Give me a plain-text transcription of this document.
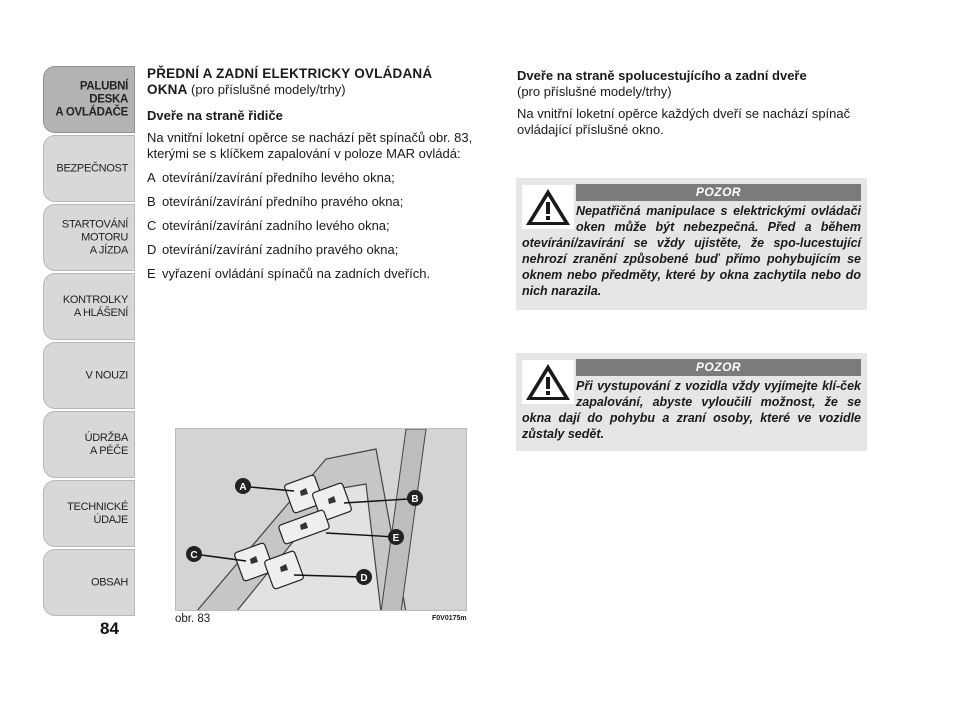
PALUBNÍ DESKA
A OVLÁDAČE
BEZPEČNOST
STARTOVÁNÍ
MOTORU
A JÍZDA
KONTROLKY
A HLÁŠENÍ
V NOUZI
ÚDRŽBA
A PÉČE
TECHNICKÉ
ÚDAJE
OBSAH
84
PŘEDNÍ A ZADNÍ ELEKTRICKY OVLÁDANÁ
OKNA (pro příslušné modely/trhy)
Dveře na straně řidiče
Na vnitřní loketní opěrce se nachází pět spínačů obr. 83, kterými se s klíčkem zapalování v poloze MAR ovládá:
A otevírání/zavírání předního levého okna;
B otevírání/zavírání předního pravého okna;
C otevírání/zavírání zadního levého okna;
D otevírání/zavírání zadního pravého okna;
E vyřazení ovládání spínačů na zadních dveřích.
Dveře na straně spolucestujícího a zadní dveře
(pro příslušné modely/trhy)
Na vnitřní loketní opěrce každých dveří se nachází spínač ovládající příslušné okno.
POZOR
Nepatřičná manipulace s elektrickými ovládači oken může být nebezpečná. Před a během otevírání/zavírání se vždy ujistěte, že spo-lucestující nehrozí zranění způsobené buď přímo pohybujícím se oknem nebo předměty, které by okna zachytila nebo do nich narazila.
POZOR
Při vystupování z vozidla vždy vyjímejte klí-ček zapalování, abyste vyloučili možnost, že se okna dají do pohybu a zraní osoby, které ve vozidle zůstaly sedět.
A
B
C
D
E
obr. 83	F0V0175m
